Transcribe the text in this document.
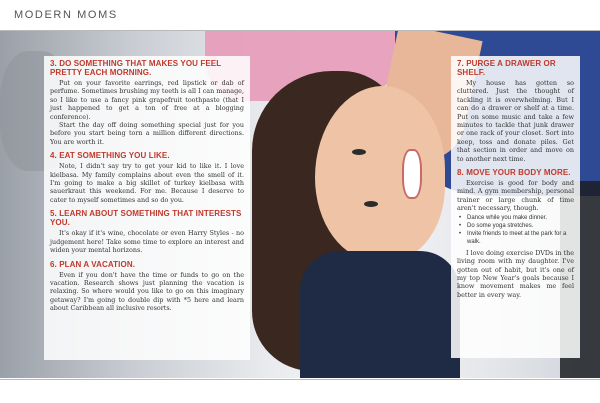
MODERN MOMS
3. DO SOMETHING THAT MAKES YOU FEEL PRETTY EACH MORNING.

Put on your favorite earrings, red lipstick or dab of perfume. Sometimes brushing my teeth is all I can manage, so I like to use a fancy pink grapefruit toothpaste (that I just happened to get a ton of free at a blogging conference).

Start the day off doing something special just for you before you start being torn a million different directions. You are worth it.

4. EAT SOMETHING YOU LIKE.

Note, I didn't say try to get your kid to like it. I love kielbasa. My family complains about even the smell of it. I'm going to make a big skillet of turkey kielbasa with sauerkraut this weekend. For me. Because I deserve to cater to myself sometimes and so do you.

5. LEARN ABOUT SOMETHING THAT INTERESTS YOU.

It's okay if it's wine, chocolate or even Harry Styles - no judgement here! Take some time to explore an interest and widen your mental horizons.

6. PLAN A VACATION.

Even if you don't have the time or funds to go on the vacation. Research shows just planning the vacation is relaxing. So where would you like to go on this imaginary getaway? I'm going to double dip with *5 here and learn about Caribbean all inclusive resorts.

7. PURGE A DRAWER OR SHELF.

My house has gotten so cluttered. Just the thought of tackling it is overwhelming. But I can do a drawer or shelf at a time. Put on some music and take a few minutes to tackle that junk drawer or one rack of your closet. Sort into keep, toss and donate piles. Get that section in order and move on to another next time.

8. MOVE YOUR BODY MORE.

Exercise is good for body and mind. A gym membership, personal trainer or large chunk of time aren't necessary, though.

• Dance while you make dinner.
• Do some yoga stretches.
• Invite friends to meet at the park for a walk.

I love doing exercise DVDs in the living room with my daughter. I've gotten out of habit, but it's one of my top New Year's goals because I know movement makes me feel better in every way.
